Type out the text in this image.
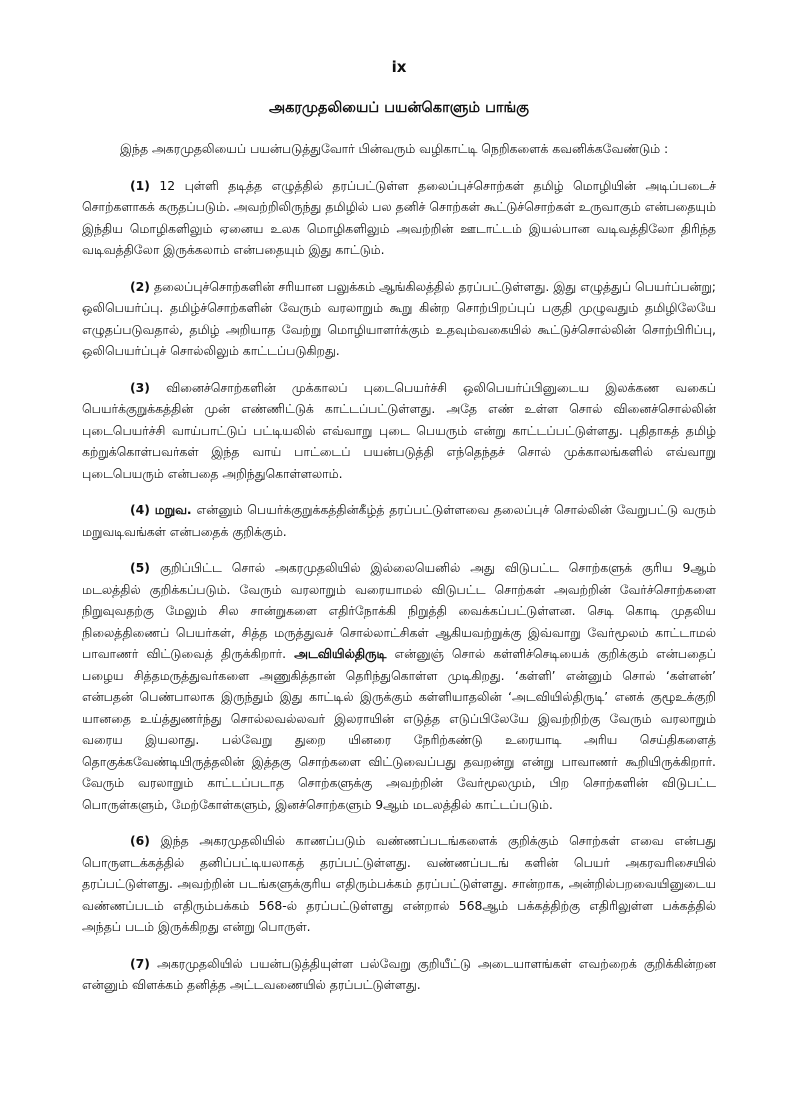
ix
அகரமுதலியைப் பயன்கொளும் பாங்கு

இந்த அகரமுதலியைப் பயன்படுத்துவோர் பின்வரும் வழிகாட்டி நெறிகளைக் கவனிக்கவேண்டும் :

(1) 12 புள்ளி தடித்த எழுத்தில் தரப்பட்டுள்ள தலைப்புச்சொற்கள் தமிழ் மொழியின் அடிப்படைச் சொற்களாகக் கருதப்படும். அவற்றிலிருந்து தமிழில் பல தனிச் சொற்கள் கூட்டுச்சொற்கள் உருவாகும் என்பதையும் இந்திய மொழிகளிலும் ஏனைய உலக மொழிகளிலும் அவற்றின் ஊடாட்டம் இயல்பான வடிவத்திலோ திரிந்த வடிவத்திலோ இருக்கலாம் என்பதையும் இது காட்டும்.

(2) தலைப்புச்சொற்களின் சரியான பலுக்கம் ஆங்கிலத்தில் தரப்பட்டுள்ளது. இது எழுத்துப் பெயர்ப்பன்று; ஒலிபெயர்ப்பு. தமிழ்ச்சொற்களின் வேரும் வரலாறும் கூறு கின்ற சொற்பிறப்புப் பகுதி முழுவதும் தமிழிலேயே எழுதப்படுவதால், தமிழ் அறியாத வேற்று மொழியாளர்க்கும் உதவும்வகையில் கூட்டுச்சொல்லின் சொற்பிரிப்பு, ஒலிபெயர்ப்புச் சொல்லிலும் காட்டப்படுகிறது.

(3) வினைச்சொற்களின் முக்காலப் புடைபெயர்ச்சி ஒலிபெயர்ப்பினுடைய இலக்கண வகைப் பெயர்க்குறுக்கத்தின் முன் எண்ணிட்டுக் காட்டப்பட்டுள்ளது. அதே எண் உள்ள சொல் வினைச்சொல்லின் புடைபெயர்ச்சி வாய்பாட்டுப் பட்டியலில் எவ்வாறு புடை பெயரும் என்று காட்டப்பட்டுள்ளது. புதிதாகத் தமிழ் கற்றுக்கொள்பவர்கள் இந்த வாய் பாட்டைப் பயன்படுத்தி எந்தெந்தச் சொல் முக்காலங்களில் எவ்வாறு புடைபெயரும் என்பதை அறிந்துகொள்ளலாம்.

(4) மறுவ. என்னும் பெயர்க்குறுக்கத்தின்கீழ்த் தரப்பட்டுள்ளவை தலைப்புச் சொல்லின் வேறுபட்டு வரும் மறுவடிவங்கள் என்பதைக் குறிக்கும்.

(5) குறிப்பிட்ட சொல் அகரமுதலியில் இல்லையெனில் அது விடுபட்ட சொற்களுக் குரிய 9ஆம் மடலத்தில் குறிக்கப்படும். வேரும் வரலாறும் வரையாமல் விடுபட்ட சொற்கள் அவற்றின் வேர்ச்சொற்களை நிறுவுவதற்கு மேலும் சில சான்றுகளை எதிர்நோக்கி நிறுத்தி வைக்கப்பட்டுள்ளன. செடி கொடி முதலிய நிலைத்திணைப் பெயர்கள், சித்த மருத்துவச் சொல்லாட்சிகள் ஆகியவற்றுக்கு இவ்வாறு வேர்மூலம் காட்டாமல் பாவாணர் விட்டுவைத் திருக்கிறார். அடவியில்திருடி என்னுஞ் சொல் கள்ளிச்செடியைக் குறிக்கும் என்பதைப் பழைய சித்தமருத்துவர்களை அணுகித்தான் தெரிந்துகொள்ள முடிகிறது. ‘கள்ளி’ என்னும் சொல் ‘கள்ளன்’ என்பதன் பெண்பாலாக இருந்தும் இது காட்டில் இருக்கும் கள்ளியாதலின் ‘அடவியில்திருடி’ எனக் குழூஉக்குறி யானதை உய்த்துணர்ந்து சொல்லவல்லவர் இலராயின் எடுத்த எடுப்பிலேயே இவற்றிற்கு வேரும் வரலாறும் வரைய இயலாது. பல்வேறு துறை யினரை நேரிற்கண்டு உரையாடி அரிய செய்திகளைத் தொகுக்கவேண்டியிருத்தலின் இத்தகு சொற்களை விட்டுவைப்பது தவறன்று என்று பாவாணர் கூறியிருக்கிறார். வேரும் வரலாறும் காட்டப்படாத சொற்களுக்கு அவற்றின் வேர்மூலமும், பிற சொற்களின் விடுபட்ட பொருள்களும், மேற்கோள்களும், இனச்சொற்களும் 9ஆம் மடலத்தில் காட்டப்படும்.

(6) இந்த அகரமுதலியில் காணப்படும் வண்ணப்படங்களைக் குறிக்கும் சொற்கள் எவை என்பது பொருளடக்கத்தில் தனிப்பட்டியலாகத் தரப்பட்டுள்ளது. வண்ணப்படங் களின் பெயர் அகரவரிசையில் தரப்பட்டுள்ளது. அவற்றின் படங்களுக்குரிய எதிரும்பக்கம் தரப்பட்டுள்ளது. சான்றாக, அன்றில்பறவையினுடைய வண்ணப்படம் எதிரும்பக்கம் 568-ல் தரப்பட்டுள்ளது என்றால் 568ஆம் பக்கத்திற்கு எதிரிலுள்ள பக்கத்தில் அந்தப் படம் இருக்கிறது என்று பொருள்.

(7) அகரமுதலியில் பயன்படுத்தியுள்ள பல்வேறு குறியீட்டு அடையாளங்கள் எவற்றைக் குறிக்கின்றன என்னும் விளக்கம் தனித்த அட்டவணையில் தரப்பட்டுள்ளது.
